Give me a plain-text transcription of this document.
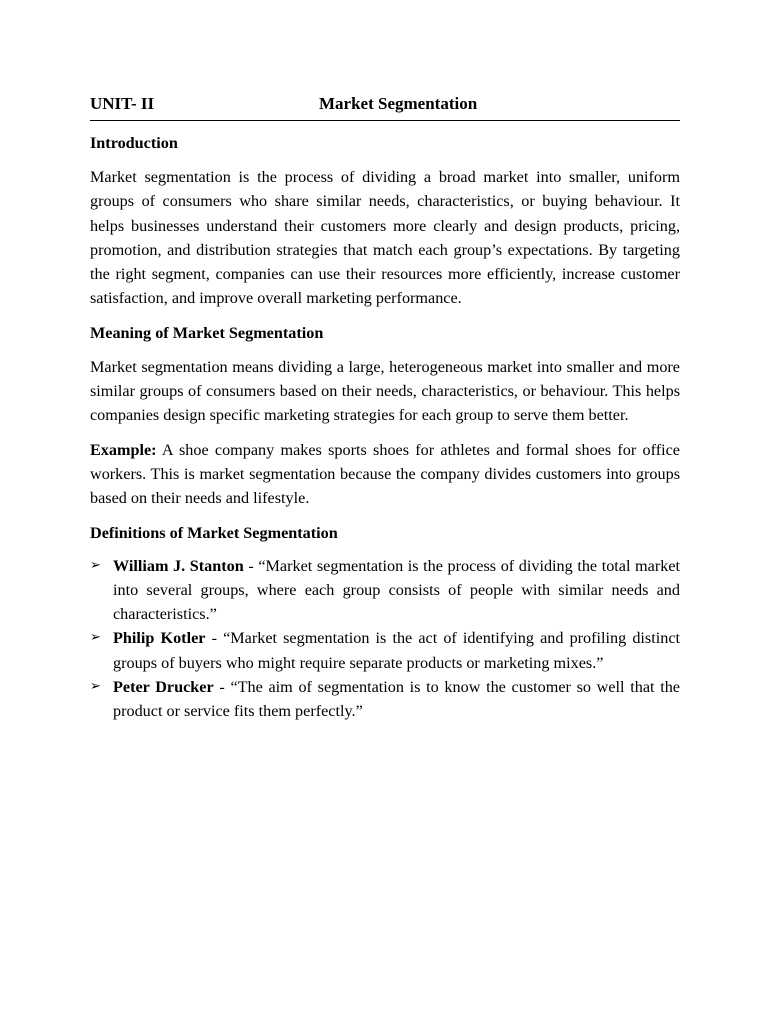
UNIT- II	Market Segmentation
Introduction

Market segmentation is the process of dividing a broad market into smaller, uniform groups of consumers who share similar needs, characteristics, or buying behaviour. It helps businesses understand their customers more clearly and design products, pricing, promotion, and distribution strategies that match each group’s expectations. By targeting the right segment, companies can use their resources more efficiently, increase customer satisfaction, and improve overall marketing performance.

Meaning of Market Segmentation

Market segmentation means dividing a large, heterogeneous market into smaller and more similar groups of consumers based on their needs, characteristics, or behaviour. This helps companies design specific marketing strategies for each group to serve them better.

Example: A shoe company makes sports shoes for athletes and formal shoes for office workers. This is market segmentation because the company divides customers into groups based on their needs and lifestyle.

Definitions of Market Segmentation
➢ William J. Stanton - “Market segmentation is the process of dividing the total market into several groups, where each group consists of people with similar needs and characteristics.”
➢ Philip Kotler - “Market segmentation is the act of identifying and profiling distinct groups of buyers who might require separate products or marketing mixes.”
➢ Peter Drucker - “The aim of segmentation is to know the customer so well that the product or service fits them perfectly.”
